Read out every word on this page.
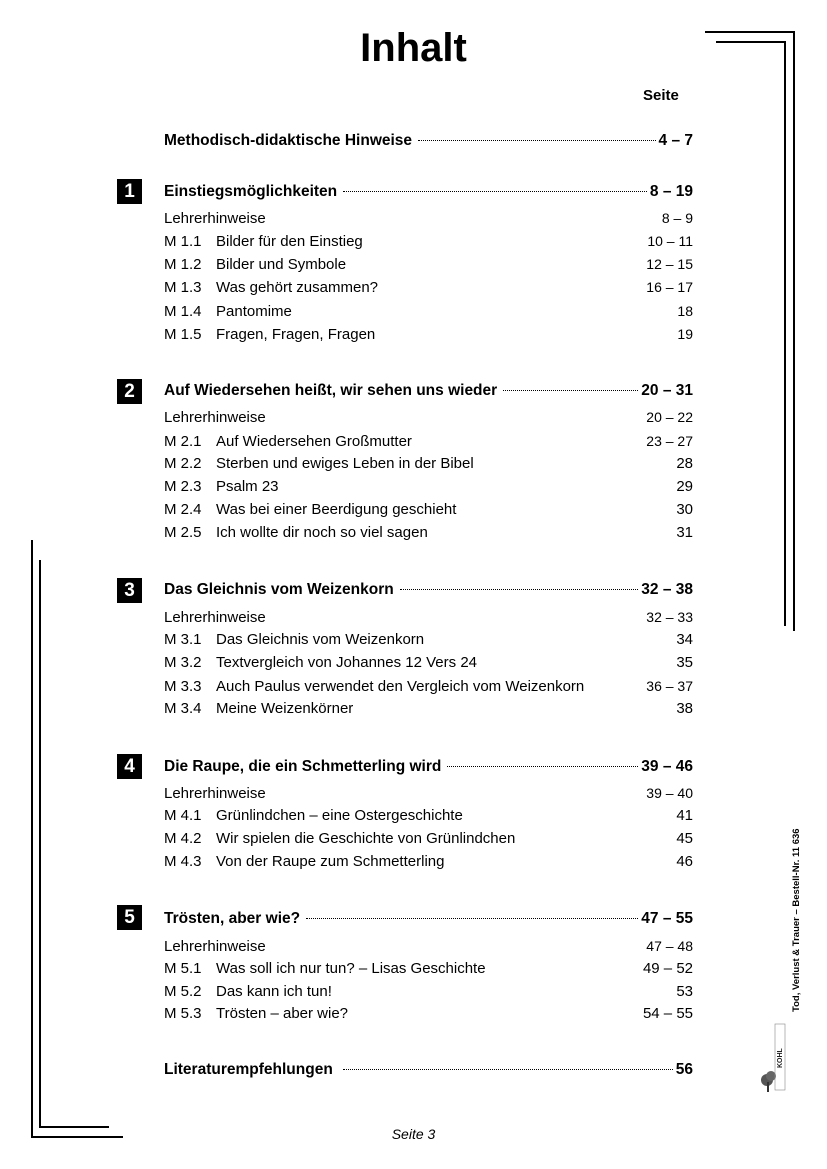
Inhalt
Seite
Methodisch-didaktische Hinweise	4 – 7
1	Einstiegsmöglichkeiten	8 – 19
Lehrerhinweise	8 – 9
M 1.1 Bilder für den Einstieg	10 – 11
M 1.2 Bilder und Symbole	12 – 15
M 1.3 Was gehört zusammen?	16 – 17
M 1.4 Pantomime	18
M 1.5 Fragen, Fragen, Fragen	19
2	Auf Wiedersehen heißt, wir sehen uns wieder	20 – 31
Lehrerhinweise	20 – 22
M 2.1 Auf Wiedersehen Großmutter	23 – 27
M 2.2 Sterben und ewiges Leben in der Bibel	28
M 2.3 Psalm 23	29
M 2.4 Was bei einer Beerdigung geschieht	30
M 2.5 Ich wollte dir noch so viel sagen	31
3	Das Gleichnis vom Weizenkorn	32 – 38
Lehrerhinweise	32 – 33
M 3.1 Das Gleichnis vom Weizenkorn	34
M 3.2 Textvergleich von Johannes 12 Vers 24	35
M 3.3 Auch Paulus verwendet den Vergleich vom Weizenkorn	36 – 37
M 3.4 Meine Weizenkörner	38
4	Die Raupe, die ein Schmetterling wird	39 – 46
Lehrerhinweise	39 – 40
M 4.1 Grünlindchen – eine Ostergeschichte	41
M 4.2 Wir spielen die Geschichte von Grünlindchen	45
M 4.3 Von der Raupe zum Schmetterling	46
5	Trösten, aber wie?	47 – 55
Lehrerhinweise	47 – 48
M 5.1 Was soll ich nur tun? – Lisas Geschichte	49 – 52
M 5.2 Das kann ich tun!	53
M 5.3 Trösten – aber wie?	54 – 55
Literaturempfehlungen	56
Tod, Verlust & Trauer – Bestell-Nr. 11 636
KOHL
Seite 3
